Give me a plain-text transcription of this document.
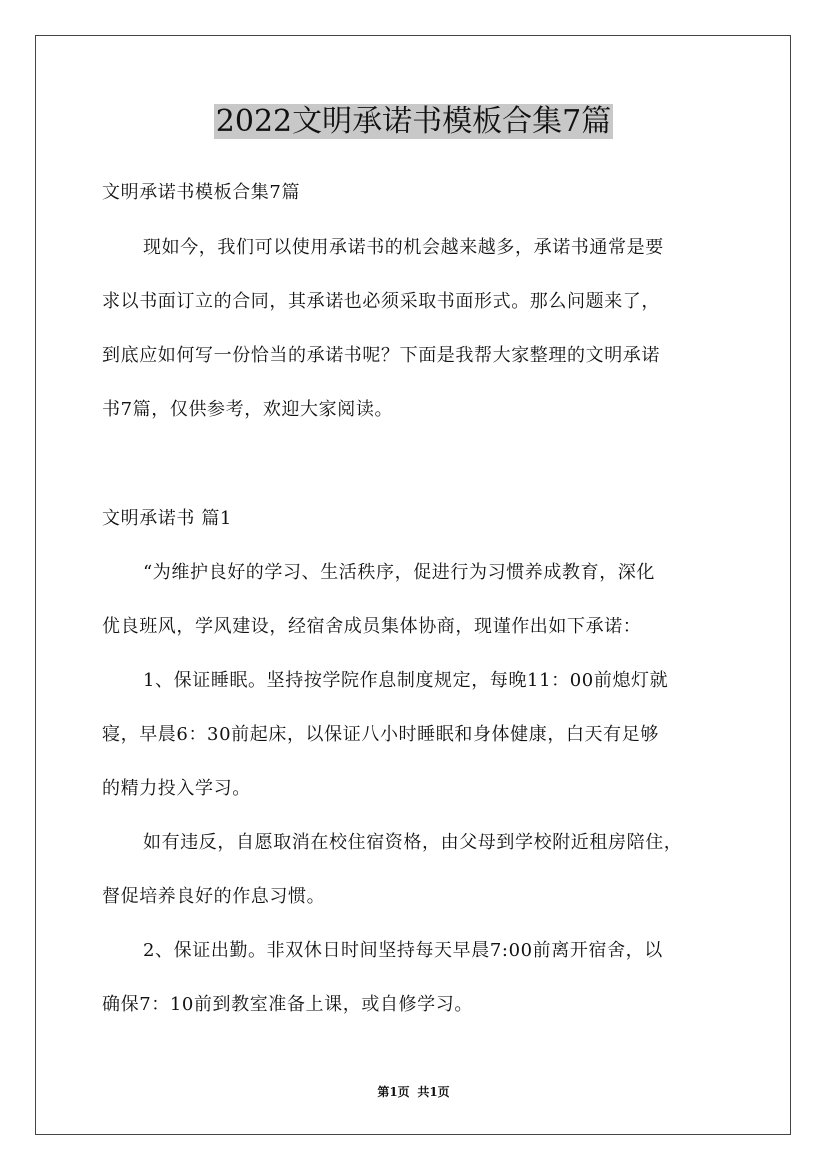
2022文明承诺书模板合集7篇
文明承诺书模板合集7篇
现如今，我们可以使用承诺书的机会越来越多，承诺书通常是要
求以书面订立的合同，其承诺也必须采取书面形式。那么问题来了，
到底应如何写一份恰当的承诺书呢？下面是我帮大家整理的文明承诺
书7篇，仅供参考，欢迎大家阅读。
文明承诺书 篇1
“为维护良好的学习、生活秩序，促进行为习惯养成教育，深化
优良班风，学风建设，经宿舍成员集体协商，现谨作出如下承诺：
1、保证睡眠。坚持按学院作息制度规定，每晚11：00前熄灯就
寝，早晨6：30前起床，以保证八小时睡眠和身体健康，白天有足够
的精力投入学习。
如有违反，自愿取消在校住宿资格，由父母到学校附近租房陪住，
督促培养良好的作息习惯。
2、保证出勤。非双休日时间坚持每天早晨7:00前离开宿舍，以
确保7：10前到教室准备上课，或自修学习。
第1页 共1页
